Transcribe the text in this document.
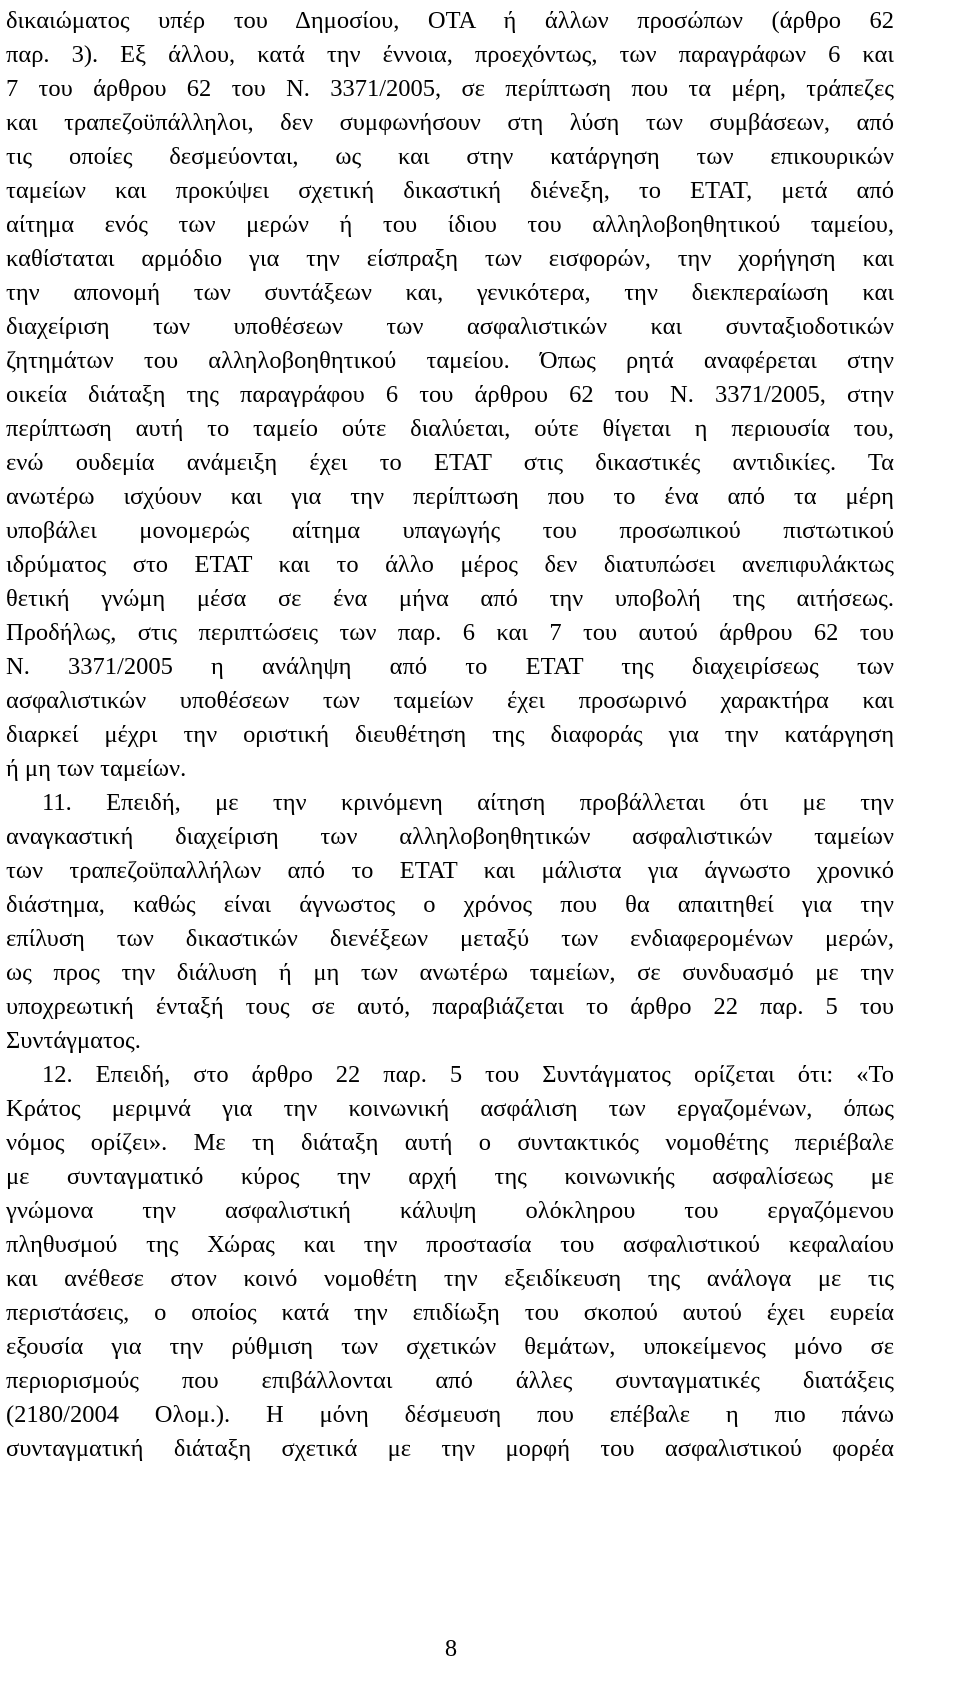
δικαιώματος υπέρ του Δημοσίου, ΟΤΑ ή άλλων προσώπων (άρθρο 62
παρ. 3). Εξ άλλου, κατά την έννοια, προεχόντως, των παραγράφων 6 και
7 του άρθρου 62 του Ν. 3371/2005, σε περίπτωση που τα μέρη, τράπεζες
και τραπεζοϋπάλληλοι, δεν συμφωνήσουν στη λύση των συμβάσεων, από
τις οποίες δεσμεύονται, ως και στην κατάργηση των επικουρικών
ταμείων και προκύψει σχετική δικαστική διένεξη, το ΕΤΑΤ, μετά από
αίτημα ενός των μερών ή του ίδιου του αλληλοβοηθητικού ταμείου,
καθίσταται αρμόδιο για την είσπραξη των εισφορών, την χορήγηση και
την απονομή των συντάξεων και, γενικότερα, την διεκπεραίωση και
διαχείριση των υποθέσεων των ασφαλιστικών και συνταξιοδοτικών
ζητημάτων του αλληλοβοηθητικού ταμείου. Όπως ρητά αναφέρεται στην
οικεία διάταξη της παραγράφου 6 του άρθρου 62 του Ν. 3371/2005, στην
περίπτωση αυτή το ταμείο ούτε διαλύεται, ούτε θίγεται η περιουσία του,
ενώ ουδεμία ανάμειξη έχει το ΕΤΑΤ στις δικαστικές αντιδικίες. Τα
ανωτέρω ισχύουν και για την περίπτωση που το ένα από τα μέρη
υποβάλει μονομερώς αίτημα υπαγωγής του προσωπικού πιστωτικού
ιδρύματος στο ΕΤΑΤ και το άλλο μέρος δεν διατυπώσει ανεπιφυλάκτως
θετική γνώμη μέσα σε ένα μήνα από την υποβολή της αιτήσεως.
Προδήλως, στις περιπτώσεις των παρ. 6 και 7 του αυτού άρθρου 62 του
Ν. 3371/2005 η ανάληψη από το ΕΤΑΤ της διαχειρίσεως των
ασφαλιστικών υποθέσεων των ταμείων έχει προσωρινό χαρακτήρα και
διαρκεί μέχρι την οριστική διευθέτηση της διαφοράς για την κατάργηση
ή μη των ταμείων.
11. Επειδή, με την κρινόμενη αίτηση προβάλλεται ότι με την
αναγκαστική διαχείριση των αλληλοβοηθητικών ασφαλιστικών ταμείων
των τραπεζοϋπαλλήλων από το ΕΤΑΤ και μάλιστα για άγνωστο χρονικό
διάστημα, καθώς είναι άγνωστος ο χρόνος που θα απαιτηθεί για την
επίλυση των δικαστικών διενέξεων μεταξύ των ενδιαφερομένων μερών,
ως προς την διάλυση ή μη των ανωτέρω ταμείων, σε συνδυασμό με την
υποχρεωτική ένταξή τους σε αυτό, παραβιάζεται το άρθρο 22 παρ. 5 του
Συντάγματος.
12. Επειδή, στο άρθρο 22 παρ. 5 του Συντάγματος ορίζεται ότι: «Το
Κράτος μεριμνά για την κοινωνική ασφάλιση των εργαζομένων, όπως
νόμος ορίζει». Με τη διάταξη αυτή ο συντακτικός νομοθέτης περιέβαλε
με συνταγματικό κύρος την αρχή της κοινωνικής ασφαλίσεως με
γνώμονα την ασφαλιστική κάλυψη ολόκληρου του εργαζόμενου
πληθυσμού της Χώρας και την προστασία του ασφαλιστικού κεφαλαίου
και ανέθεσε στον κοινό νομοθέτη την εξειδίκευση της ανάλογα με τις
περιστάσεις, ο οποίος κατά την επιδίωξη του σκοπού αυτού έχει ευρεία
εξουσία για την ρύθμιση των σχετικών θεμάτων, υποκείμενος μόνο σε
περιορισμούς που επιβάλλονται από άλλες συνταγματικές διατάξεις
(2180/2004 Ολομ.). Η μόνη δέσμευση που επέβαλε η πιο πάνω
συνταγματική διάταξη σχετικά με την μορφή του ασφαλιστικού φορέα
8
